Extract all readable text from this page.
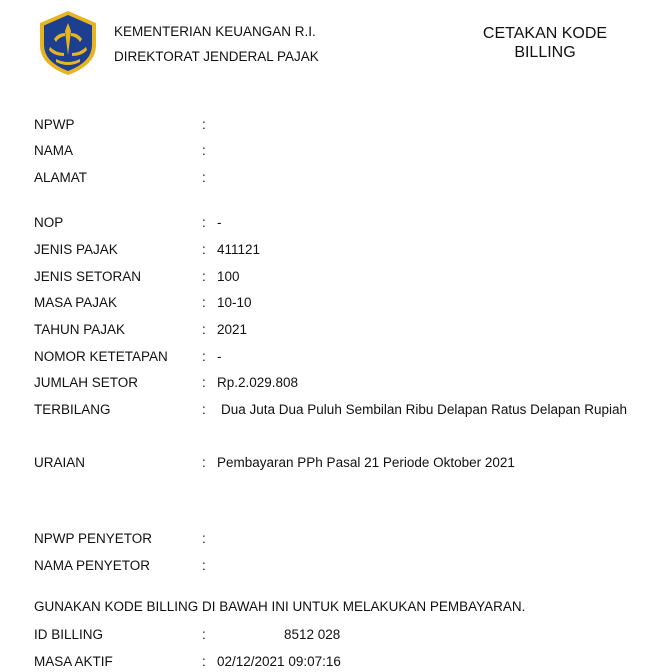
KEMENTERIAN KEUANGAN R.I.
DIREKTORAT JENDERAL PAJAK
CETAKAN KODE
BILLING
NPWP	:
NAMA	:
ALAMAT	:
NOP	: -
JENIS PAJAK	: 411121
JENIS SETORAN	: 100
MASA PAJAK	: 10-10
TAHUN PAJAK	: 2021
NOMOR KETETAPAN	: -
JUMLAH SETOR	: Rp.2.029.808
TERBILANG	: Dua Juta Dua Puluh Sembilan Ribu Delapan Ratus Delapan Rupiah
URAIAN	: Pembayaran PPh Pasal 21 Periode Oktober 2021
NPWP PENYETOR	:
NAMA PENYETOR	:
GUNAKAN KODE BILLING DI BAWAH INI UNTUK MELAKUKAN PEMBAYARAN.
ID BILLING	:	8512 028
MASA AKTIF	: 02/12/2021 09:07:16
